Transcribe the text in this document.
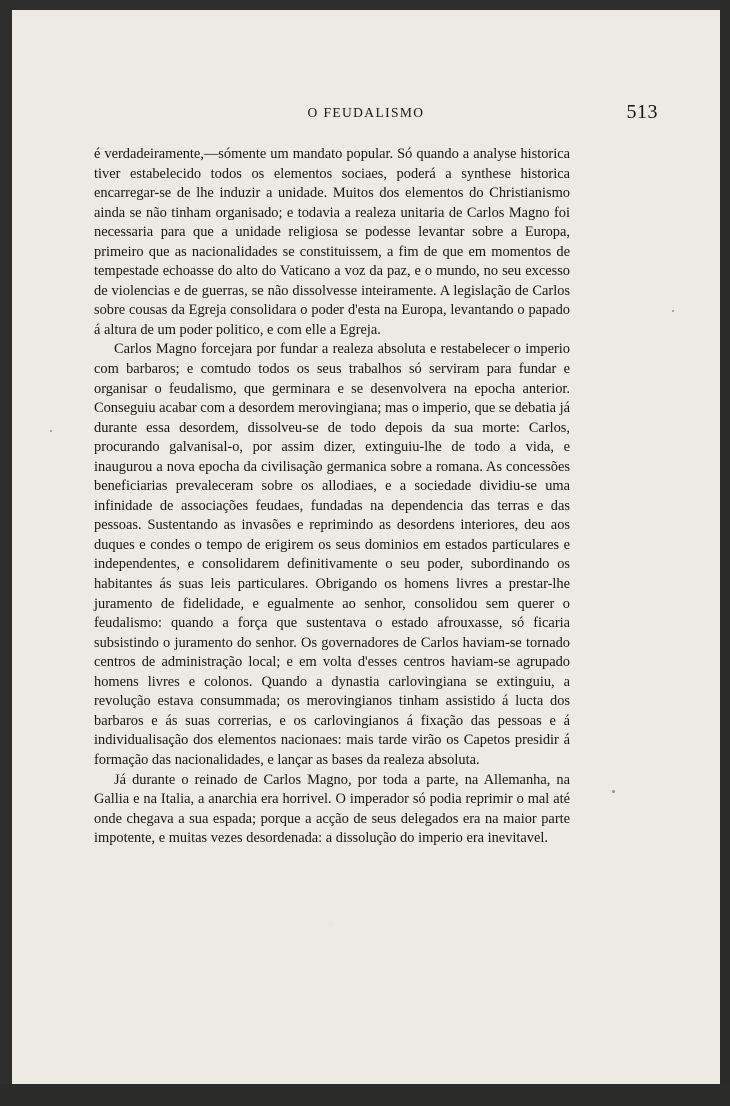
O FEUDALISMO	513

é verdadeiramente,—sómente um mandato popular. Só quando a analyse historica tiver estabelecido todos os elementos sociaes, poderá a synthese historica encarregar-se de lhe induzir a unidade. Muitos dos elementos do Christianismo ainda se não tinham organisado; e todavia a realeza unitaria de Carlos Magno foi necessaria para que a unidade religiosa se podesse levantar sobre a Europa, primeiro que as nacionalidades se constituissem, a fim de que em momentos de tempestade echoasse do alto do Vaticano a voz da paz, e o mundo, no seu excesso de violencias e de guerras, se não dissolvesse inteiramente. A legislação de Carlos sobre cousas da Egreja consolidara o poder d'esta na Europa, levantando o papado á altura de um poder politico, e com elle a Egreja.

Carlos Magno forcejara por fundar a realeza absoluta e restabelecer o imperio com barbaros; e comtudo todos os seus trabalhos só serviram para fundar e organisar o feudalismo, que germinara e se desenvolvera na epocha anterior. Conseguiu acabar com a desordem merovingiana; mas o imperio, que se debatia já durante essa desordem, dissolveu-se de todo depois da sua morte: Carlos, procurando galvanisal-o, por assim dizer, extinguiu-lhe de todo a vida, e inaugurou a nova epocha da civilisação germanica sobre a romana. As concessões beneficiarias prevaleceram sobre os allodiaes, e a sociedade dividiu-se uma infinidade de associações feudaes, fundadas na dependencia das terras e das pessoas. Sustentando as invasões e reprimindo as desordens interiores, deu aos duques e condes o tempo de erigirem os seus dominios em estados particulares e independentes, e consolidarem definitivamente o seu poder, subordinando os habitantes ás suas leis particulares. Obrigando os homens livres a prestar-lhe juramento de fidelidade, e egualmente ao senhor, consolidou sem querer o feudalismo: quando a força que sustentava o estado afrouxasse, só ficaria subsistindo o juramento do senhor. Os governadores de Carlos haviam-se tornado centros de administração local; e em volta d'esses centros haviam-se agrupado homens livres e colonos. Quando a dynastia carlovingiana se extinguiu, a revolução estava consummada; os merovingianos tinham assistido á lucta dos barbaros e ás suas correrias, e os carlovingianos á fixação das pessoas e á individualisação dos elementos nacionaes: mais tarde virão os Capetos presidir á formação das nacionalidades, e lançar as bases da realeza absoluta.

Já durante o reinado de Carlos Magno, por toda a parte, na Allemanha, na Gallia e na Italia, a anarchia era horrivel. O imperador só podia reprimir o mal até onde chegava a sua espada; porque a acção de seus delegados era na maior parte impotente, e muitas vezes desordenada: a dissolução do imperio era inevitavel.
